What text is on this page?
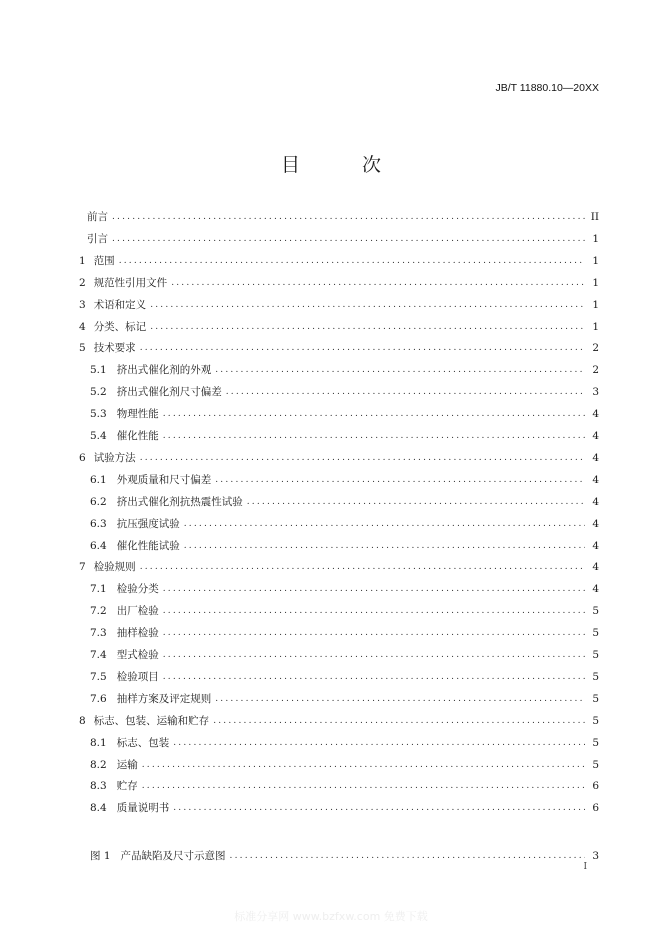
JB/T 11880.10—20XX
目 次
前言 .....	II
引言 .....	1
1 范围 .....	1
2 规范性引用文件 .....	1
3 术语和定义 .....	1
4 分类、标记 .....	1
5 技术要求 .....	2
5.1 挤出式催化剂的外观 .....	2
5.2 挤出式催化剂尺寸偏差 .....	3
5.3 物理性能 .....	4
5.4 催化性能 .....	4
6 试验方法 .....	4
6.1 外观质量和尺寸偏差 .....	4
6.2 挤出式催化剂抗热震性试验 .....	4
6.3 抗压强度试验 .....	4
6.4 催化性能试验 .....	4
7 检验规则 .....	4
7.1 检验分类 .....	4
7.2 出厂检验 .....	5
7.3 抽样检验 .....	5
7.4 型式检验 .....	5
7.5 检验项目 .....	5
7.6 抽样方案及评定规则 .....	5
8 标志、包装、运输和贮存 .....	5
8.1 标志、包装 .....	5
8.2 运输 .....	5
8.3 贮存 .....	6
8.4 质量说明书 .....	6
图 1 产品缺陷及尺寸示意图 .....	3
I
标准分享网 www.bzfxw.com 免费下载
